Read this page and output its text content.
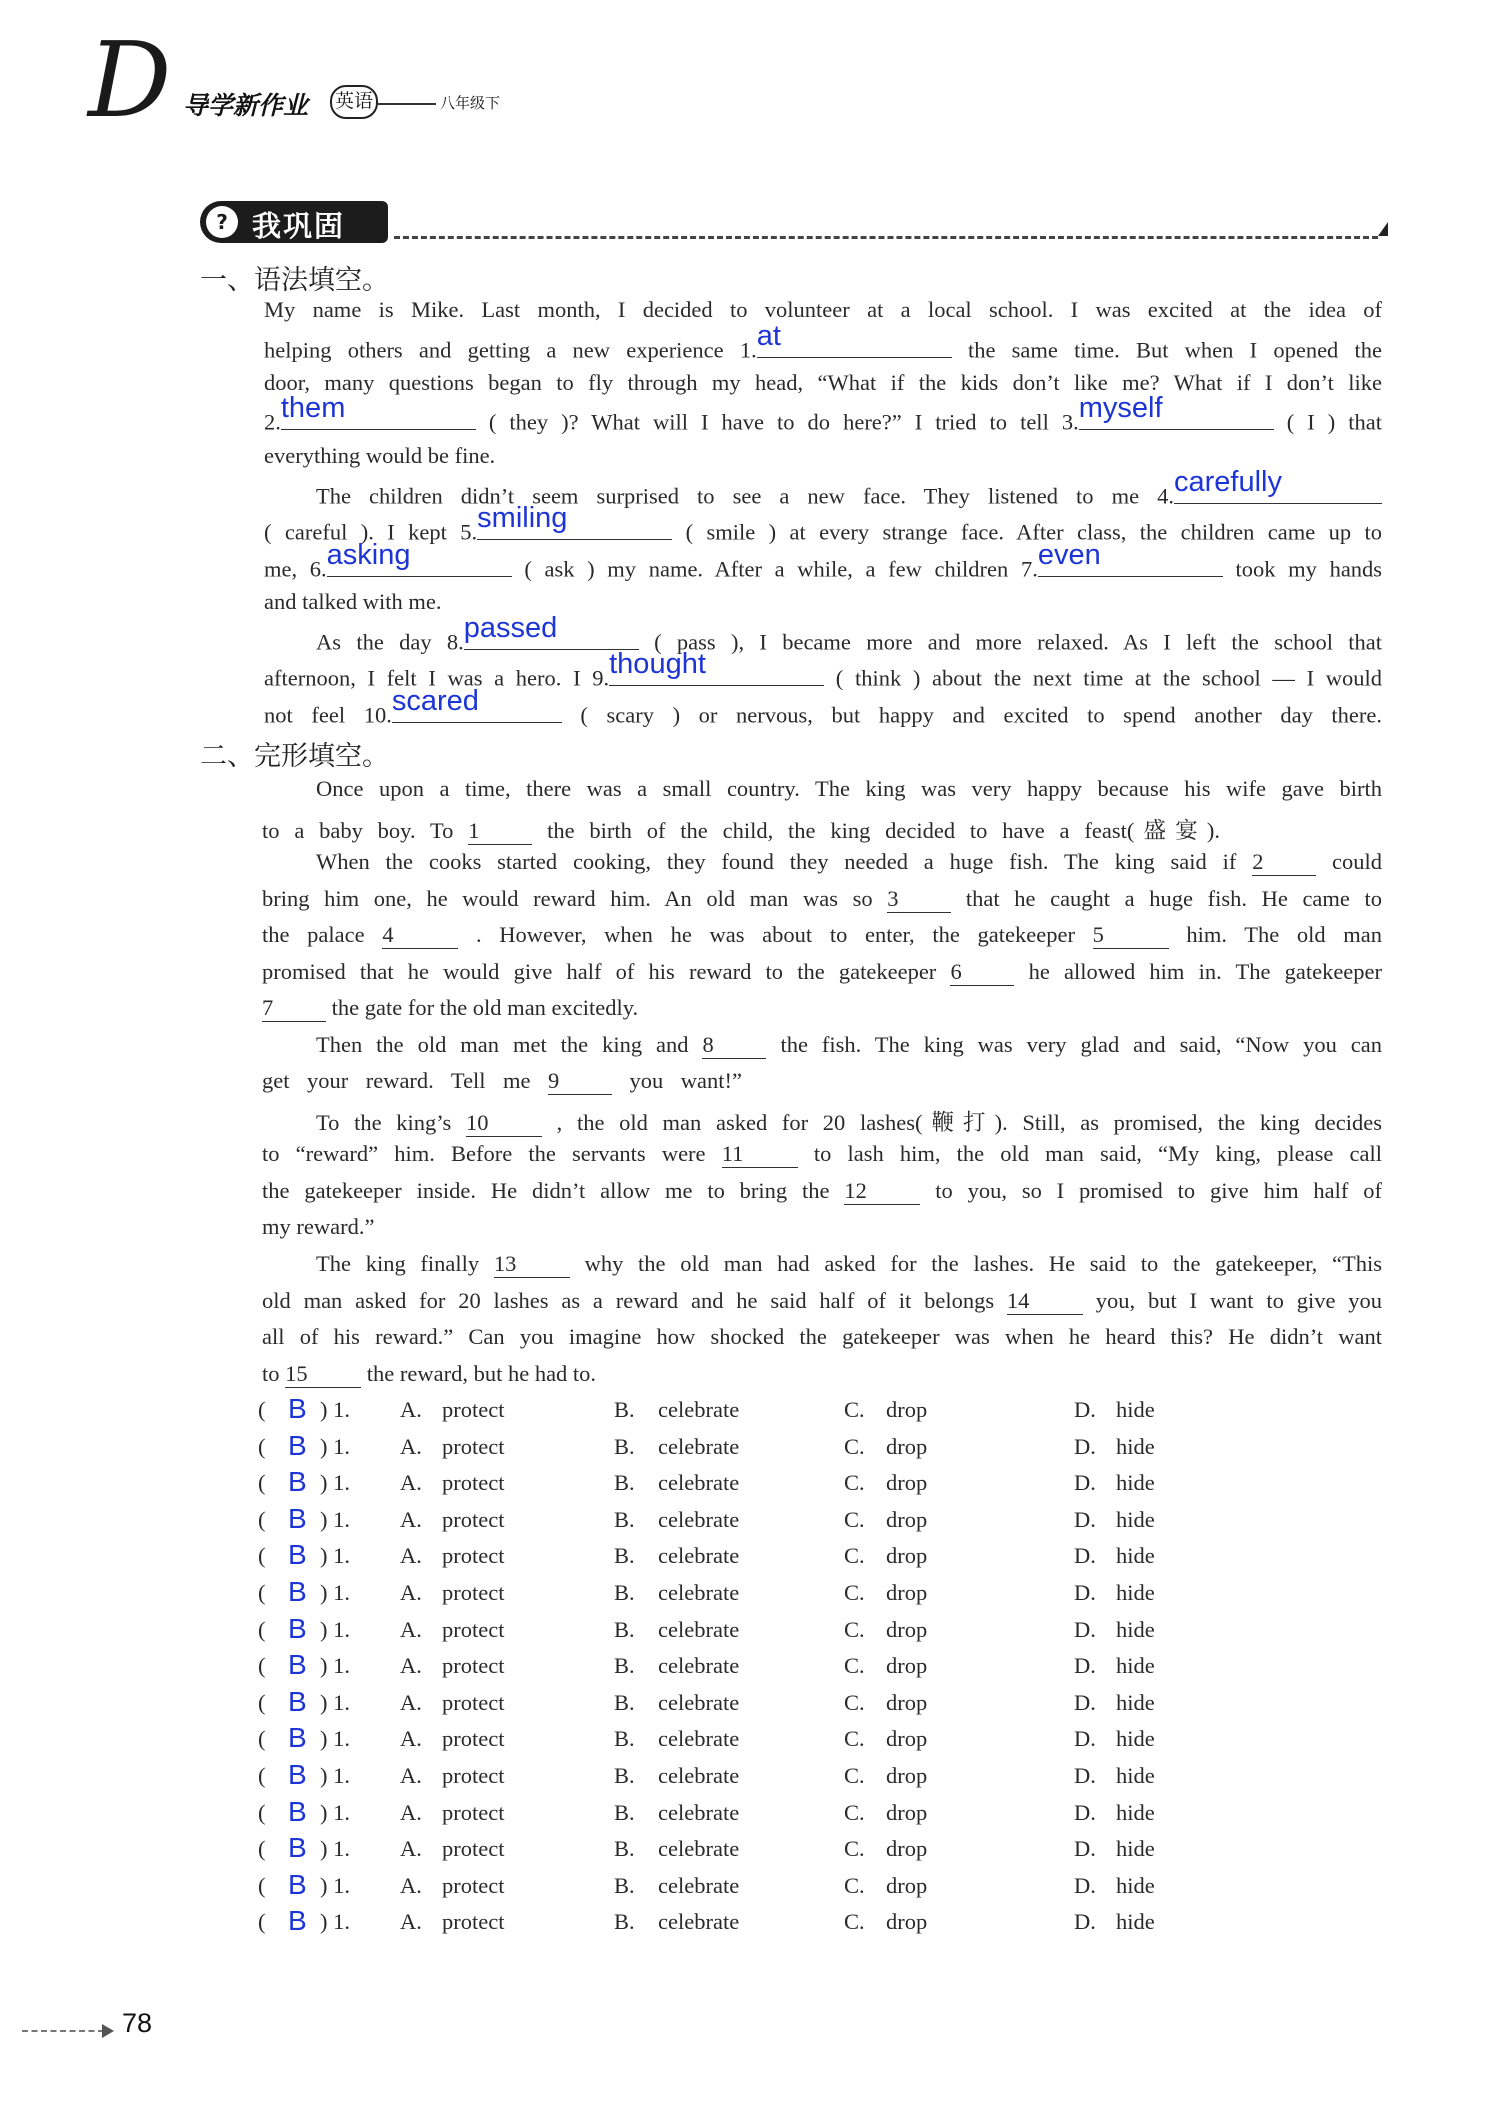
D 导学新作业 英语	八年级下
? 我巩固
一、语法填空。
My name is Mike. Last month, I decided to volunteer at a local school. I was excited at the idea of
helping others and getting a new experience 1. at	the same time. But when I opened the
door, many questions began to fly through my head, “What if the kids don’t like me? What if I don’t like
2. them	( they )? What will I have to do here?” I tried to tell 3. myself	( I ) that
everything would be fine.
The children didn’t seem surprised to see a new face. They listened to me 4. carefully
( careful ). I kept 5. smiling	( smile ) at every strange face. After class, the children came up to
me, 6. asking	( ask ) my name. After a while, a few children 7. even	took my hands
and talked with me.
As the day 8. passed	( pass ), I became more and more relaxed. As I left the school that
afternoon, I felt I was a hero. I 9. thought	( think ) about the next time at the school — I would
not feel 10. scared	( scary ) or nervous, but happy and excited to spend another day there.
二、完形填空。
Once upon a time, there was a small country. The king was very happy because his wife gave birth
to a baby boy. To 1	the birth of the child, the king decided to have a feast(盛宴).
When the cooks started cooking, they found they needed a huge fish. The king said if 2	could
bring him one, he would reward him. An old man was so 3	that he caught a huge fish. He came to
the palace 4	. However, when he was about to enter, the gatekeeper 5	him. The old man
promised that he would give half of his reward to the gatekeeper 6	he allowed him in. The gatekeeper
7	the gate for the old man excitedly.
Then the old man met the king and 8	the fish. The king was very glad and said, “Now you can
get your reward. Tell me 9	you want!”
To the king’s 10	, the old man asked for 20 lashes(鞭打). Still, as promised, the king decides
to “reward” him. Before the servants were 11	to lash him, the old man said, “My king, please call
the gatekeeper inside. He didn’t allow me to bring the 12	to you, so I promised to give him half of
my reward.”
The king finally 13	why the old man had asked for the lashes. He said to the gatekeeper, “This
old man asked for 20 lashes as a reward and he said half of it belongs 14	you, but I want to give you
all of his reward.” Can you imagine how shocked the gatekeeper was when he heard this? He didn’t want
to 15	the reward, but he had to.
( B ) 1. A. protect	B. celebrate	C. drop	D. hide
( B ) 1. A. protect	B. celebrate	C. drop	D. hide
( B ) 1. A. protect	B. celebrate	C. drop	D. hide
( B ) 1. A. protect	B. celebrate	C. drop	D. hide
( B ) 1. A. protect	B. celebrate	C. drop	D. hide
( B ) 1. A. protect	B. celebrate	C. drop	D. hide
( B ) 1. A. protect	B. celebrate	C. drop	D. hide
( B ) 1. A. protect	B. celebrate	C. drop	D. hide
( B ) 1. A. protect	B. celebrate	C. drop	D. hide
( B ) 1. A. protect	B. celebrate	C. drop	D. hide
( B ) 1. A. protect	B. celebrate	C. drop	D. hide
( B ) 1. A. protect	B. celebrate	C. drop	D. hide
( B ) 1. A. protect	B. celebrate	C. drop	D. hide
( B ) 1. A. protect	B. celebrate	C. drop	D. hide
( B ) 1. A. protect	B. celebrate	C. drop	D. hide
78
